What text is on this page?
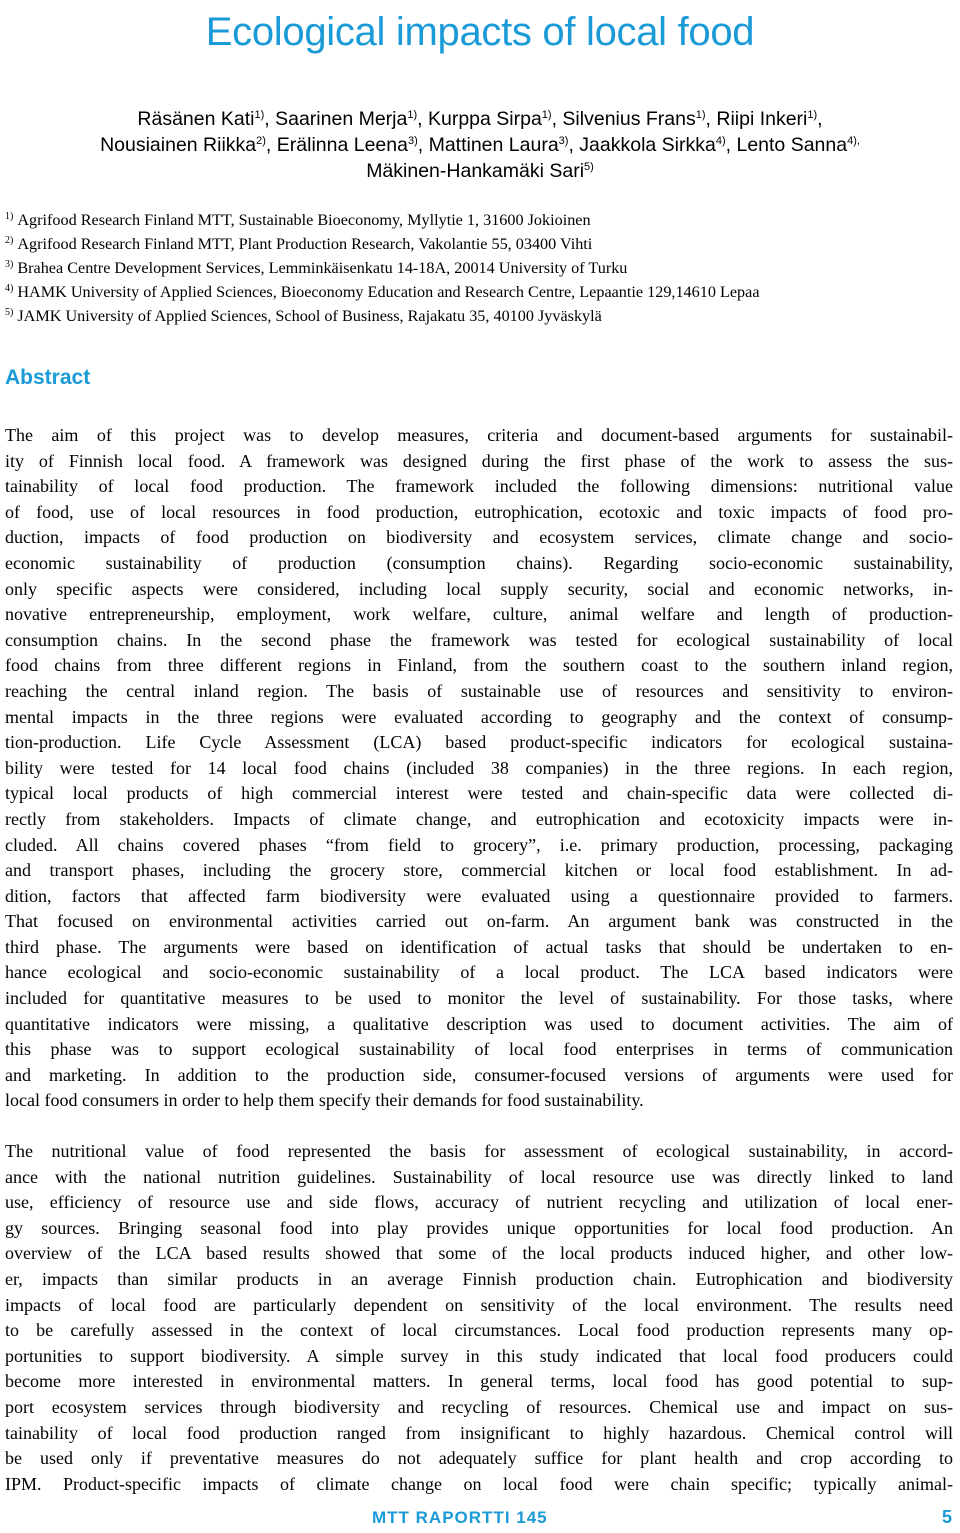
Ecological impacts of local food
Räsänen Kati$^{1)}$, Saarinen Merja$^{1)}$, Kurppa Sirpa$^{1)}$, Silvenius Frans$^{1)}$, Riipi Inkeri$^{1)}$,
Nousiainen Riikka$^{2)}$, Erälinna Leena$^{3)}$, Mattinen Laura$^{3)}$, Jaakkola Sirkka$^{4)}$, Lento Sanna$^{4),}$
Mäkinen-Hankamäki Sari$^{5)}$
$^{1)}$ Agrifood Research Finland MTT, Sustainable Bioeconomy, Myllytie 1, 31600 Jokioinen
$^{2)}$ Agrifood Research Finland MTT, Plant Production Research, Vakolantie 55, 03400 Vihti
$^{3)}$ Brahea Centre Development Services, Lemminkäisenkatu 14-18A, 20014 University of Turku
$^{4)}$ HAMK University of Applied Sciences, Bioeconomy Education and Research Centre, Lepaantie 129,14610 Lepaa
$^{5)}$ JAMK University of Applied Sciences, School of Business, Rajakatu 35, 40100 Jyväskylä
Abstract
The aim of this project was to develop measures, criteria and document-based arguments for sustainabil-
ity of Finnish local food. A framework was designed during the first phase of the work to assess the sus-
tainability of local food production. The framework included the following dimensions: nutritional value
of food, use of local resources in food production, eutrophication, ecotoxic and toxic impacts of food pro-
duction, impacts of food production on biodiversity and ecosystem services, climate change and socio-
economic sustainability of production (consumption chains). Regarding socio-economic sustainability,
only specific aspects were considered, including local supply security, social and economic networks, in-
novative entrepreneurship, employment, work welfare, culture, animal welfare and length of production-
consumption chains. In the second phase the framework was tested for ecological sustainability of local
food chains from three different regions in Finland, from the southern coast to the southern inland region,
reaching the central inland region. The basis of sustainable use of resources and sensitivity to environ-
mental impacts in the three regions were evaluated according to geography and the context of consump-
tion-production. Life Cycle Assessment (LCA) based product-specific indicators for ecological sustaina-
bility were tested for 14 local food chains (included 38 companies) in the three regions. In each region,
typical local products of high commercial interest were tested and chain-specific data were collected di-
rectly from stakeholders. Impacts of climate change, and eutrophication and ecotoxicity impacts were in-
cluded. All chains covered phases “from field to grocery”, i.e. primary production, processing, packaging
and transport phases, including the grocery store, commercial kitchen or local food establishment. In ad-
dition, factors that affected farm biodiversity were evaluated using a questionnaire provided to farmers.
That focused on environmental activities carried out on-farm. An argument bank was constructed in the
third phase. The arguments were based on identification of actual tasks that should be undertaken to en-
hance ecological and socio-economic sustainability of a local product. The LCA based indicators were
included for quantitative measures to be used to monitor the level of sustainability. For those tasks, where
quantitative indicators were missing, a qualitative description was used to document activities. The aim of
this phase was to support ecological sustainability of local food enterprises in terms of communication
and marketing. In addition to the production side, consumer-focused versions of arguments were used for
local food consumers in order to help them specify their demands for food sustainability.
The nutritional value of food represented the basis for assessment of ecological sustainability, in accord-
ance with the national nutrition guidelines. Sustainability of local resource use was directly linked to land
use, efficiency of resource use and side flows, accuracy of nutrient recycling and utilization of local ener-
gy sources. Bringing seasonal food into play provides unique opportunities for local food production. An
overview of the LCA based results showed that some of the local products induced higher, and other low-
er, impacts than similar products in an average Finnish production chain. Eutrophication and biodiversity
impacts of local food are particularly dependent on sensitivity of the local environment. The results need
to be carefully assessed in the context of local circumstances. Local food production represents many op-
portunities to support biodiversity. A simple survey in this study indicated that local food producers could
become more interested in environmental matters. In general terms, local food has good potential to sup-
port ecosystem services through biodiversity and recycling of resources. Chemical use and impact on sus-
tainability of local food production ranged from insignificant to highly hazardous. Chemical control will
be used only if preventative measures do not adequately suffice for plant health and crop according to
IPM. Product-specific impacts of climate change on local food were chain specific; typically animal-
MTT RAPORTTI 145	5
